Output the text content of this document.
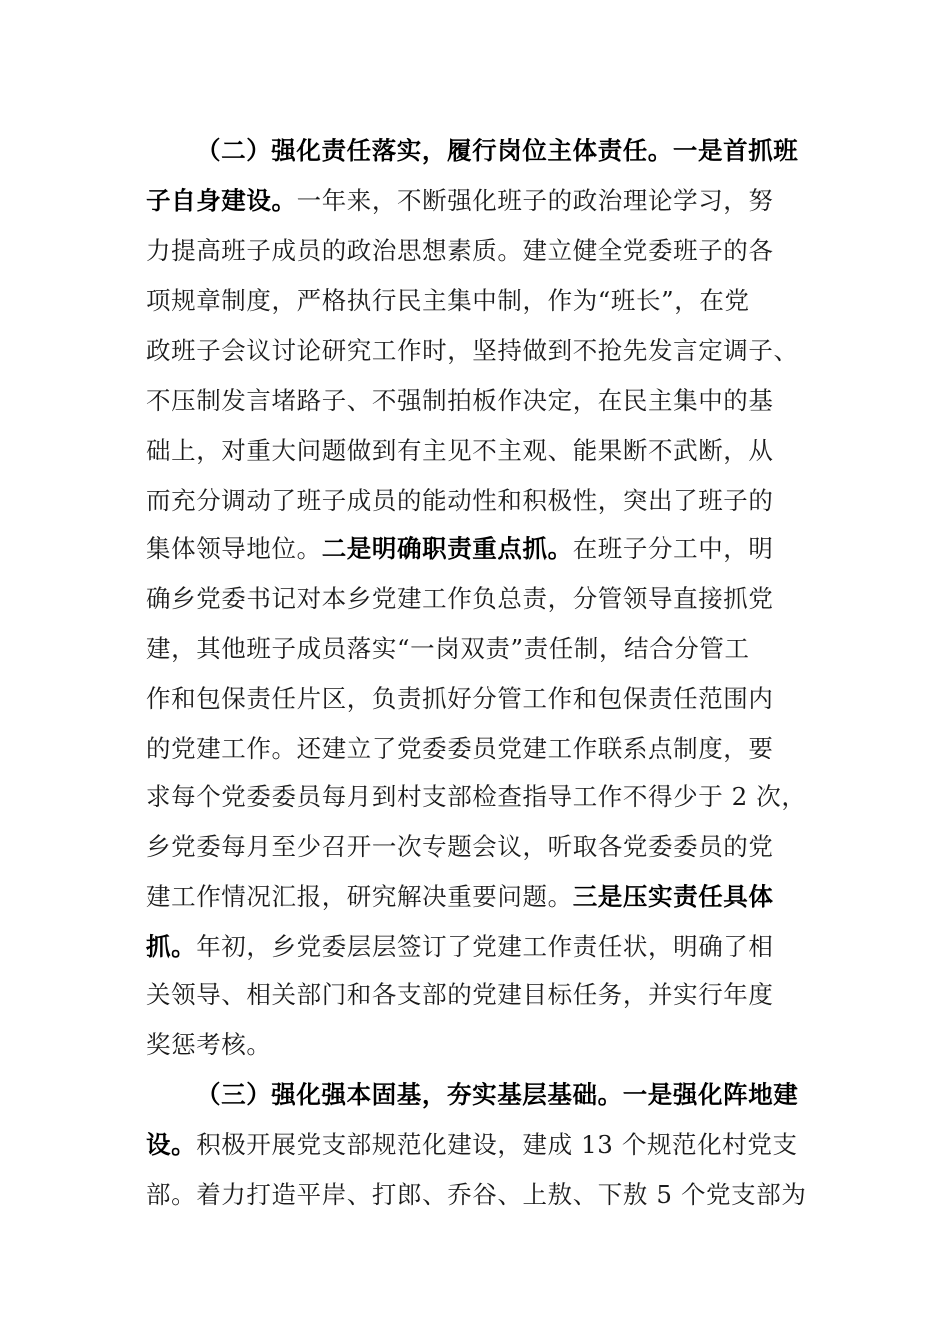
（二）强化责任落实，履行岗位主体责任。一是首抓班
子自身建设。一年来，不断强化班子的政治理论学习，努
力提高班子成员的政治思想素质。建立健全党委班子的各
项规章制度，严格执行民主集中制，作为“班长”，在党
政班子会议讨论研究工作时，坚持做到不抢先发言定调子、
不压制发言堵路子、不强制拍板作决定，在民主集中的基
础上，对重大问题做到有主见不主观、能果断不武断，从
而充分调动了班子成员的能动性和积极性，突出了班子的
集体领导地位。二是明确职责重点抓。在班子分工中，明
确乡党委书记对本乡党建工作负总责，分管领导直接抓党
建，其他班子成员落实“一岗双责”责任制，结合分管工
作和包保责任片区，负责抓好分管工作和包保责任范围内
的党建工作。还建立了党委委员党建工作联系点制度，要
求每个党委委员每月到村支部检查指导工作不得少于 2 次，
乡党委每月至少召开一次专题会议，听取各党委委员的党
建工作情况汇报，研究解决重要问题。三是压实责任具体
抓。年初，乡党委层层签订了党建工作责任状，明确了相
关领导、相关部门和各支部的党建目标任务，并实行年度
奖惩考核。
（三）强化强本固基，夯实基层基础。一是强化阵地建
设。积极开展党支部规范化建设，建成 13 个规范化村党支
部。着力打造平岸、打郎、乔谷、上敖、下敖 5 个党支部为
